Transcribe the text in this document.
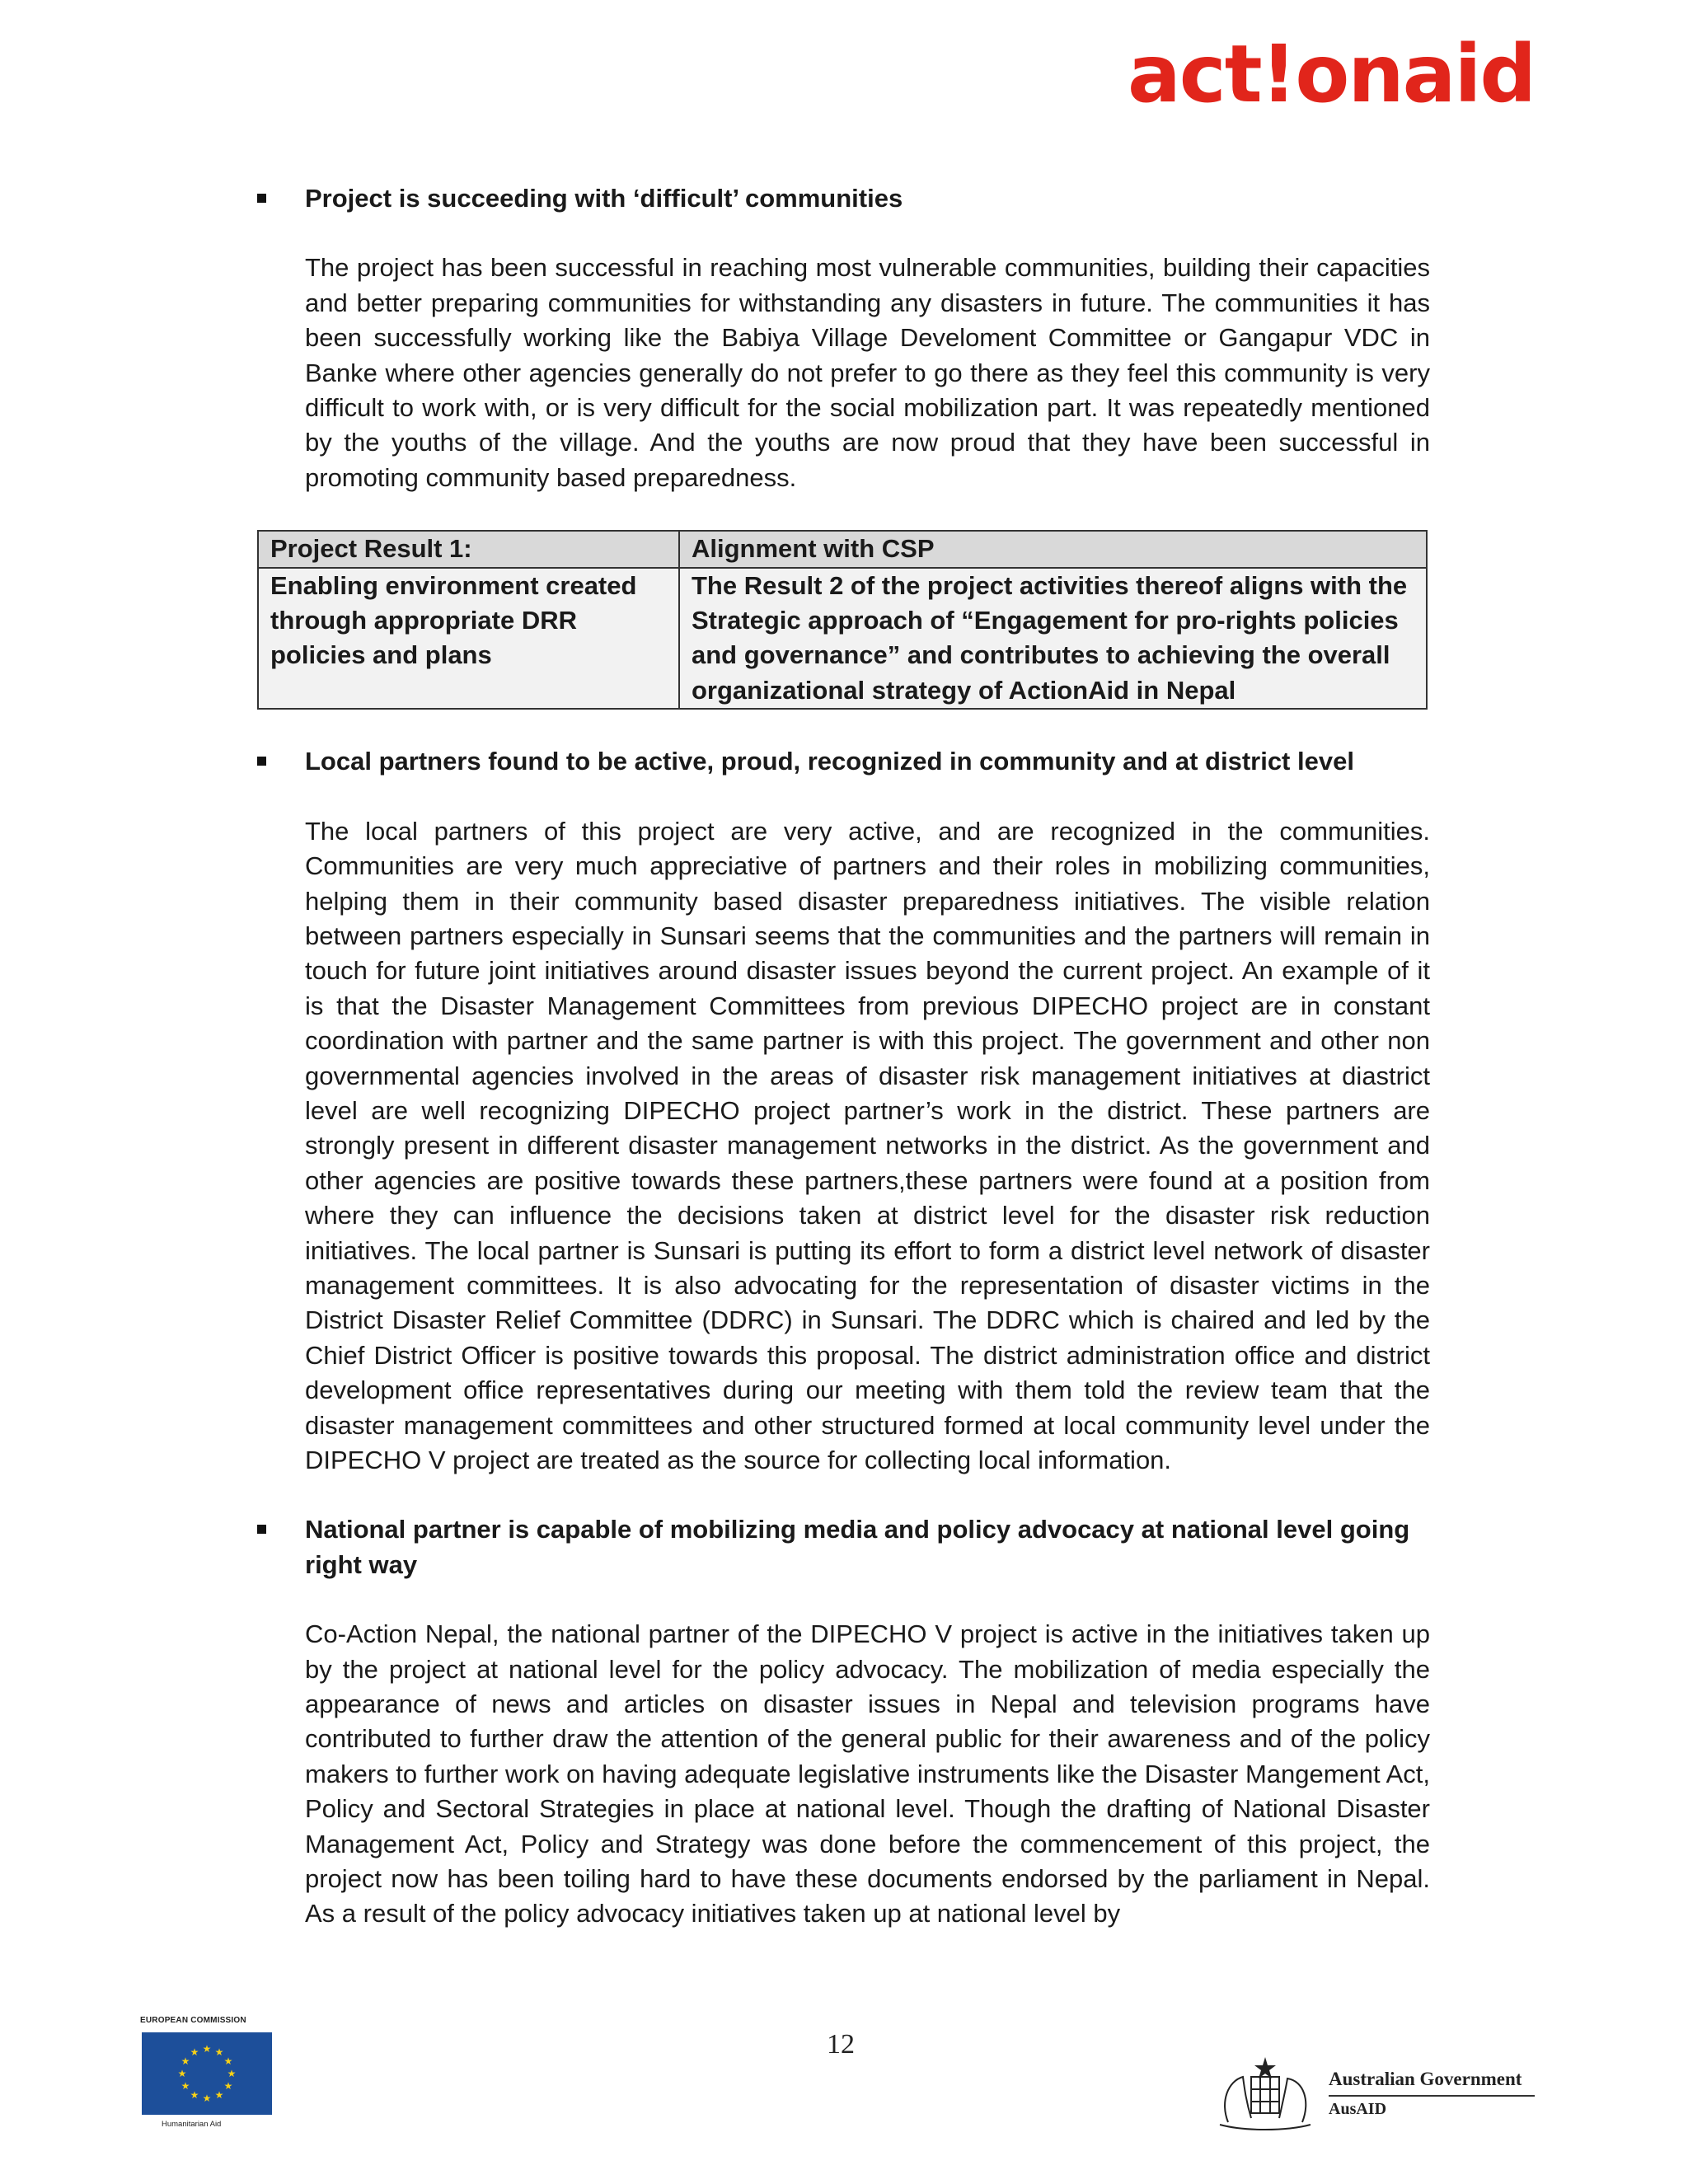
act!onaid

Project is succeeding with ‘difficult’ communities

The project has been successful in reaching most vulnerable communities, building their capacities and better preparing communities for withstanding any disasters in future. The communities it has been successfully working like the Babiya Village Develoment Committee or Gangapur VDC in Banke where other agencies generally do not prefer to go there as they feel this community is very difficult to work with, or is very difficult for the social mobilization part. It was repeatedly mentioned by the youths of the village. And the youths are now proud that they have been successful in promoting community based preparedness.

Project Result 1:	Alignment with CSP
Enabling environment created through appropriate DRR policies and plans	The Result 2 of the project activities thereof aligns with the Strategic approach of “Engagement for pro-rights policies and governance” and contributes to achieving the overall organizational strategy of ActionAid in Nepal

Local partners found to be active, proud, recognized in community and at district level

The local partners of this project are very active, and are recognized in the communities. Communities are very much appreciative of partners and their roles in mobilizing communities, helping them in their community based disaster preparedness initiatives. The visible relation between partners especially in Sunsari seems that the communities and the partners will remain in touch for future joint initiatives around disaster issues beyond the current project. An example of it is that the Disaster Management Committees from previous DIPECHO project are in constant coordination with partner and the same partner is with this project. The government and other non governmental agencies involved in the areas of disaster risk management initiatives at diastrict level are well recognizing DIPECHO project partner’s work in the district. These partners are strongly present in different disaster management networks in the district. As the government and other agencies are positive towards these partners,these partners were found at a position from where they can influence the decisions taken at district level for the disaster risk reduction initiatives. The local partner is Sunsari is putting its effort to form a district level network of disaster management committees. It is also advocating for the representation of disaster victims in the District Disaster Relief Committee (DDRC) in Sunsari. The DDRC which is chaired and led by the Chief District Officer is positive towards this proposal. The district administration office and district development office representatives during our meeting with them told the review team that the disaster management committees and other structured formed at local community level under the DIPECHO V project are treated as the source for collecting local information.

National partner is capable of mobilizing media and policy advocacy at national level going right way

Co-Action Nepal, the national partner of the DIPECHO V project is active in the initiatives taken up by the project at national level for the policy advocacy. The mobilization of media especially the appearance of news and articles on disaster issues in Nepal and television programs have contributed to further draw the attention of the general public for their awareness and of the policy makers to further work on having adequate legislative instruments like the Disaster Mangement Act, Policy and Sectoral Strategies in place at national level. Though the drafting of National Disaster Management Act, Policy and Strategy was done before the commencement of this project, the project now has been toiling hard to have these documents endorsed by the parliament in Nepal. As a result of the policy advocacy initiatives taken up at national level by

EUROPEAN COMMISSION
★ ★
★
★
★
★
★
★
★
★
★
★
Humanitarian Aid
12
Australian Government
AusAID
